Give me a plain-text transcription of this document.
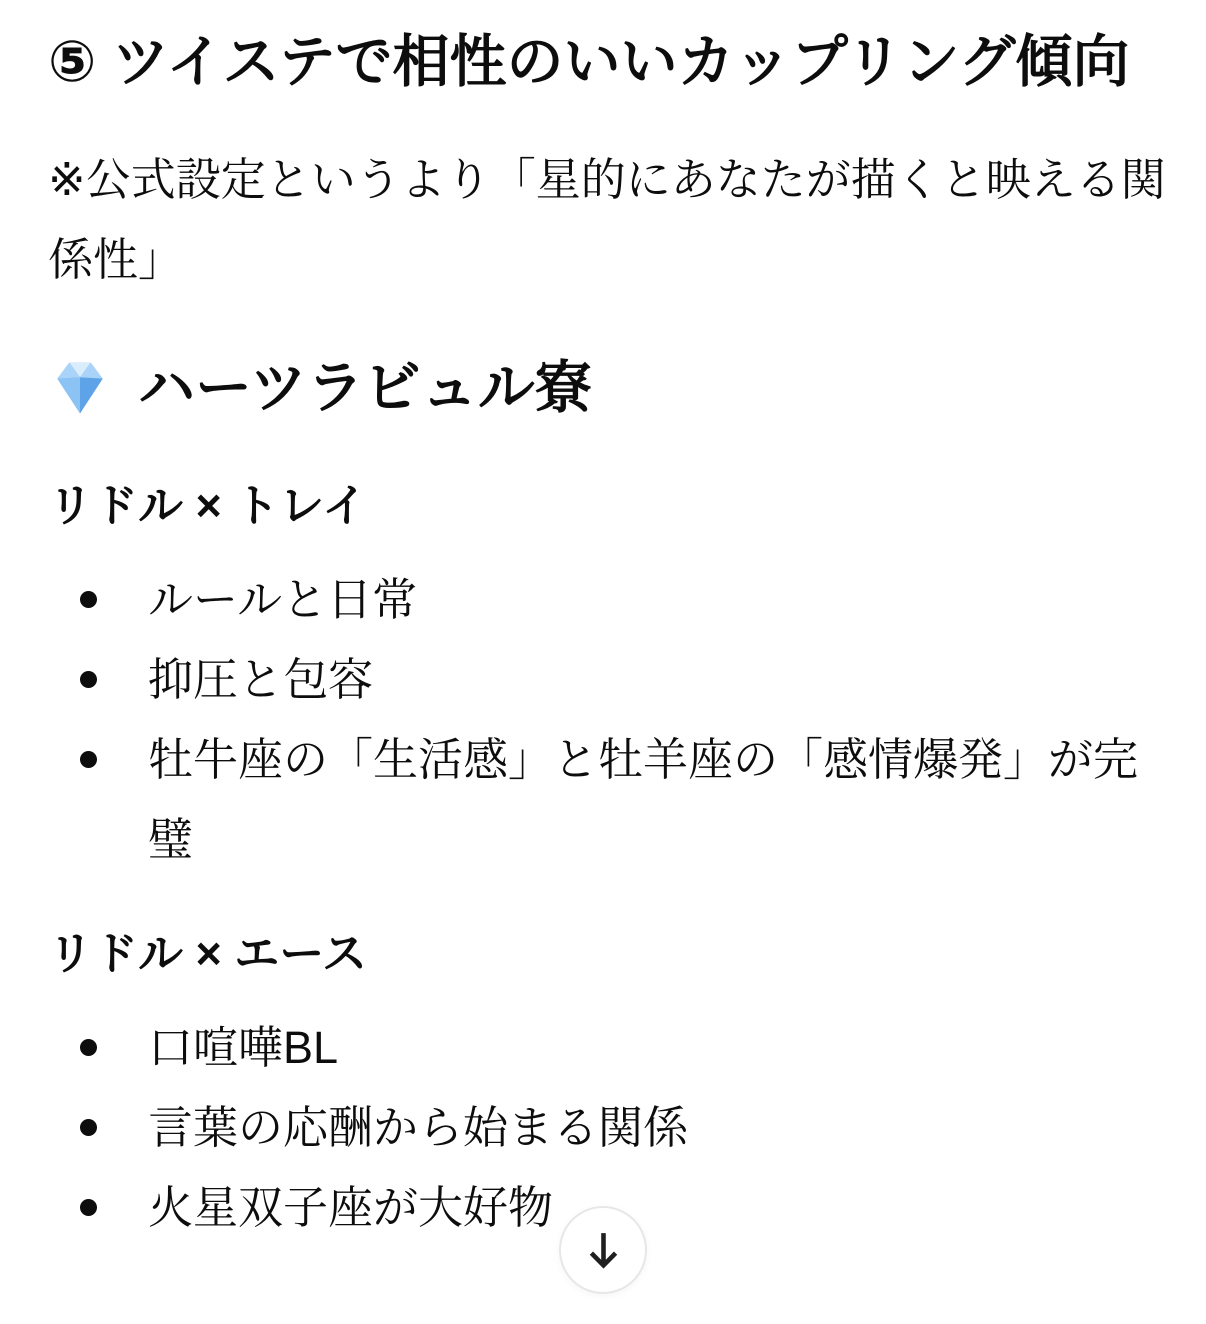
⑤ ツイステで相性のいいカップリング傾向

※公式設定というより「星的にあなたが描くと映える関係性」

ハーツラビュル寮
リドル × トレイ
ルールと日常
抑圧と包容
牡牛座の「生活感」と牡羊座の「感情爆発」が完璧
リドル × エース
口喧嘩BL
言葉の応酬から始まる関係
火星双子座が大好物
